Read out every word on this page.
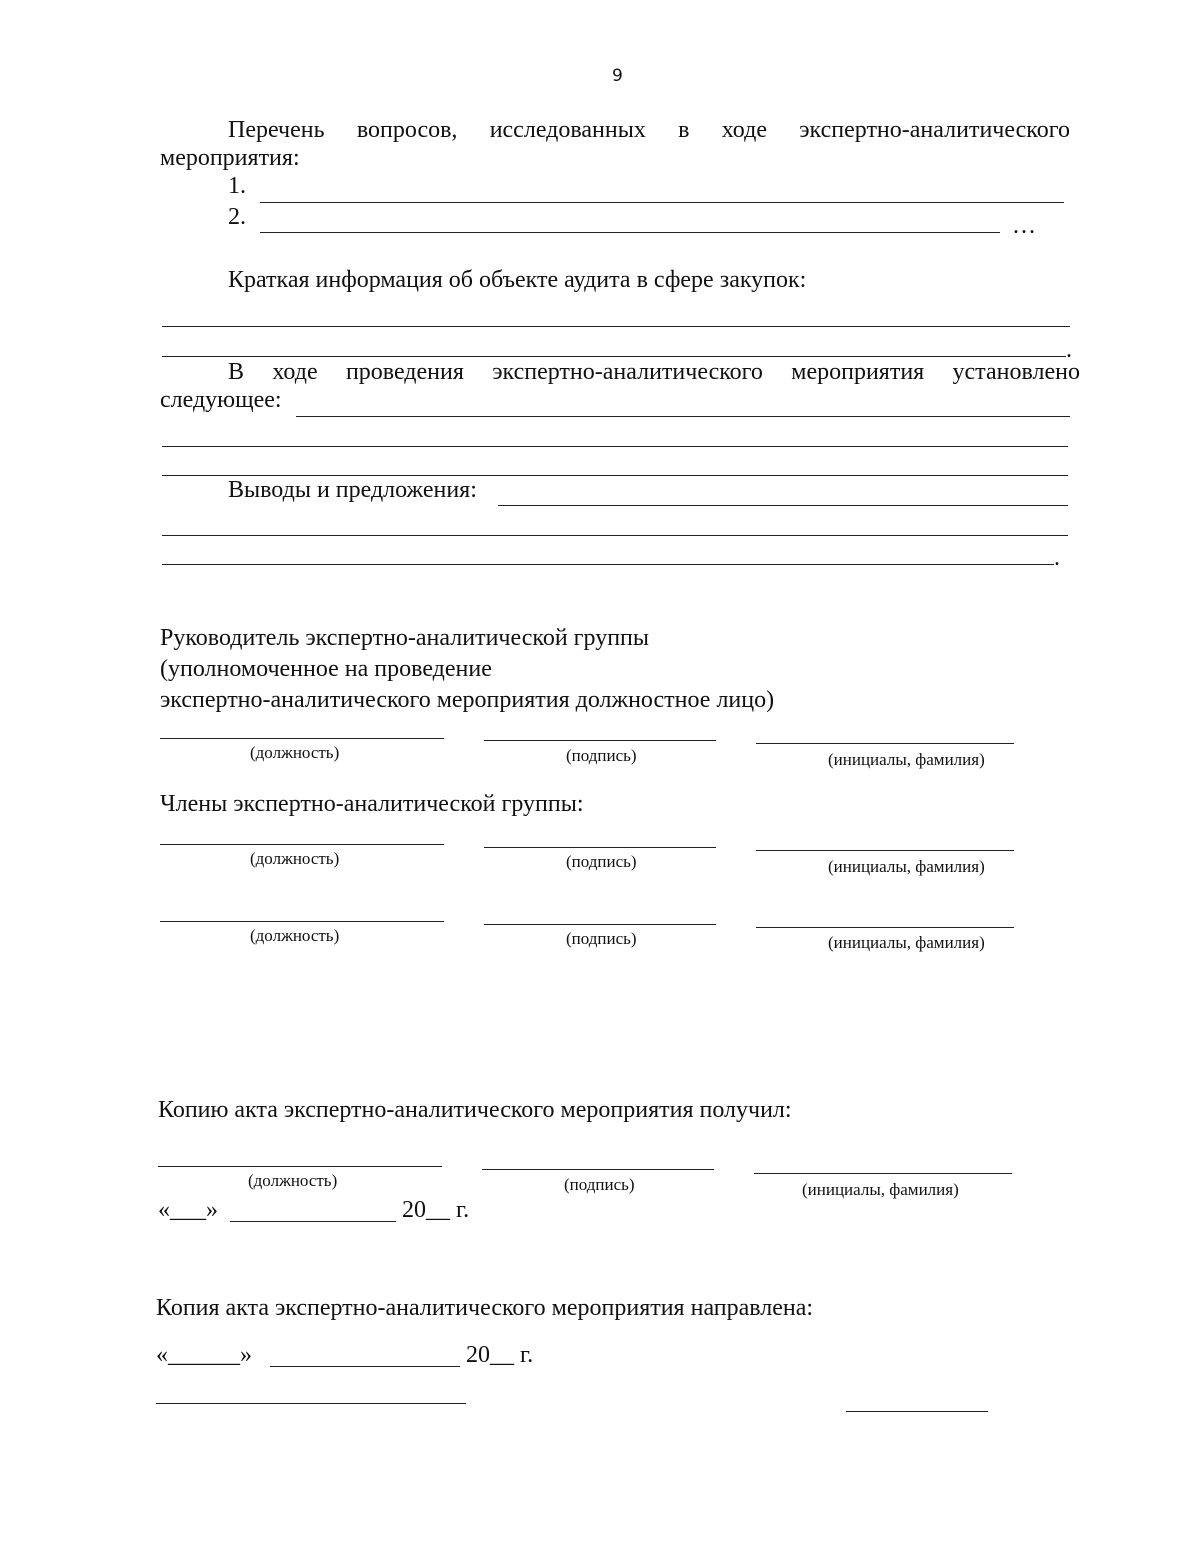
9
Перечень вопросов, исследованных в ходе экспертно-аналитического
мероприятия:
1.
2.	…
Краткая информация об объекте аудита в сфере закупок:
.
В ходе проведения экспертно-аналитического мероприятия установлено
следующее:
Выводы и предложения:
.
Руководитель экспертно-аналитической группы
(уполномоченное на проведение
экспертно-аналитического мероприятия должностное лицо)
(должность)	(подпись)	(инициалы, фамилия)
Члены экспертно-аналитической группы:
(должность)	(подпись)	(инициалы, фамилия)
(должность)	(подпись)	(инициалы, фамилия)
Копию акта экспертно-аналитического мероприятия получил:
(должность)	(подпись)	(инициалы, фамилия)
«___»	20__ г.
Копия акта экспертно-аналитического мероприятия направлена:
«______»	20__ г.
